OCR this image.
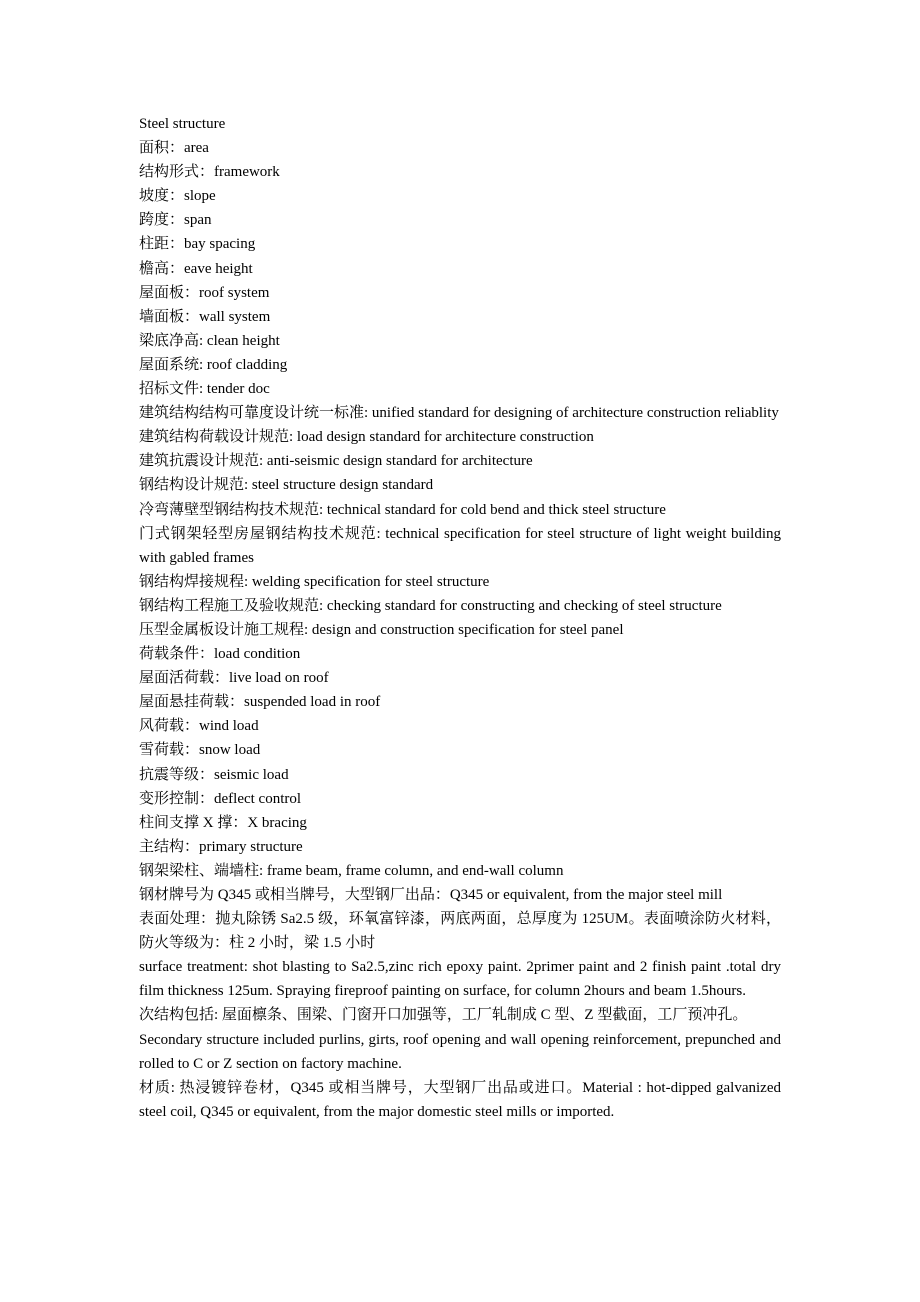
Steel structure
面积：area
结构形式：framework
坡度：slope
跨度：span
柱距：bay spacing
檐高：eave height
屋面板：roof system
墙面板：wall system
梁底净高: clean height
屋面系统: roof cladding
招标文件: tender doc
建筑结构结构可靠度设计统一标准: unified standard for designing of architecture construction reliablity
建筑结构荷载设计规范: load design standard for architecture construction
建筑抗震设计规范: anti-seismic design standard for architecture
钢结构设计规范: steel structure design standard
冷弯薄壁型钢结构技术规范: technical standard for cold bend and thick steel structure
门式钢架轻型房屋钢结构技术规范: technical specification for steel structure of light weight building with gabled frames
钢结构焊接规程: welding specification for steel structure
钢结构工程施工及验收规范: checking standard for constructing and checking of steel structure
压型金属板设计施工规程: design and construction specification for steel panel
荷载条件：load condition
屋面活荷载：live load on roof
屋面悬挂荷载：suspended load in roof
风荷载：wind load
雪荷载：snow load
抗震等级：seismic load
变形控制：deflect control
柱间支撑 X 撑：X bracing
主结构：primary structure
钢架梁柱、端墙柱: frame beam, frame column, and end-wall column
钢材牌号为 Q345 或相当牌号，大型钢厂出品：Q345 or equivalent, from the major steel mill
表面处理：抛丸除锈 Sa2.5 级，环氧富锌漆，两底两面，总厚度为 125UM。表面喷涂防火材料，防火等级为：柱 2 小时，梁 1.5 小时
surface treatment: shot blasting to Sa2.5,zinc rich epoxy paint. 2primer paint and 2 finish paint .total dry film thickness 125um. Spraying fireproof painting on surface, for column 2hours and beam 1.5hours.
次结构包括: 屋面檩条、围梁、门窗开口加强等，工厂轧制成 C 型、Z 型截面，工厂预冲孔。
Secondary structure included purlins, girts, roof opening and wall opening reinforcement, prepunched and rolled to C or Z section on factory machine.
材质: 热浸镀锌卷材，Q345 或相当牌号，大型钢厂出品或进口。Material : hot-dipped galvanized steel coil, Q345 or equivalent, from the major domestic steel mills or imported.
